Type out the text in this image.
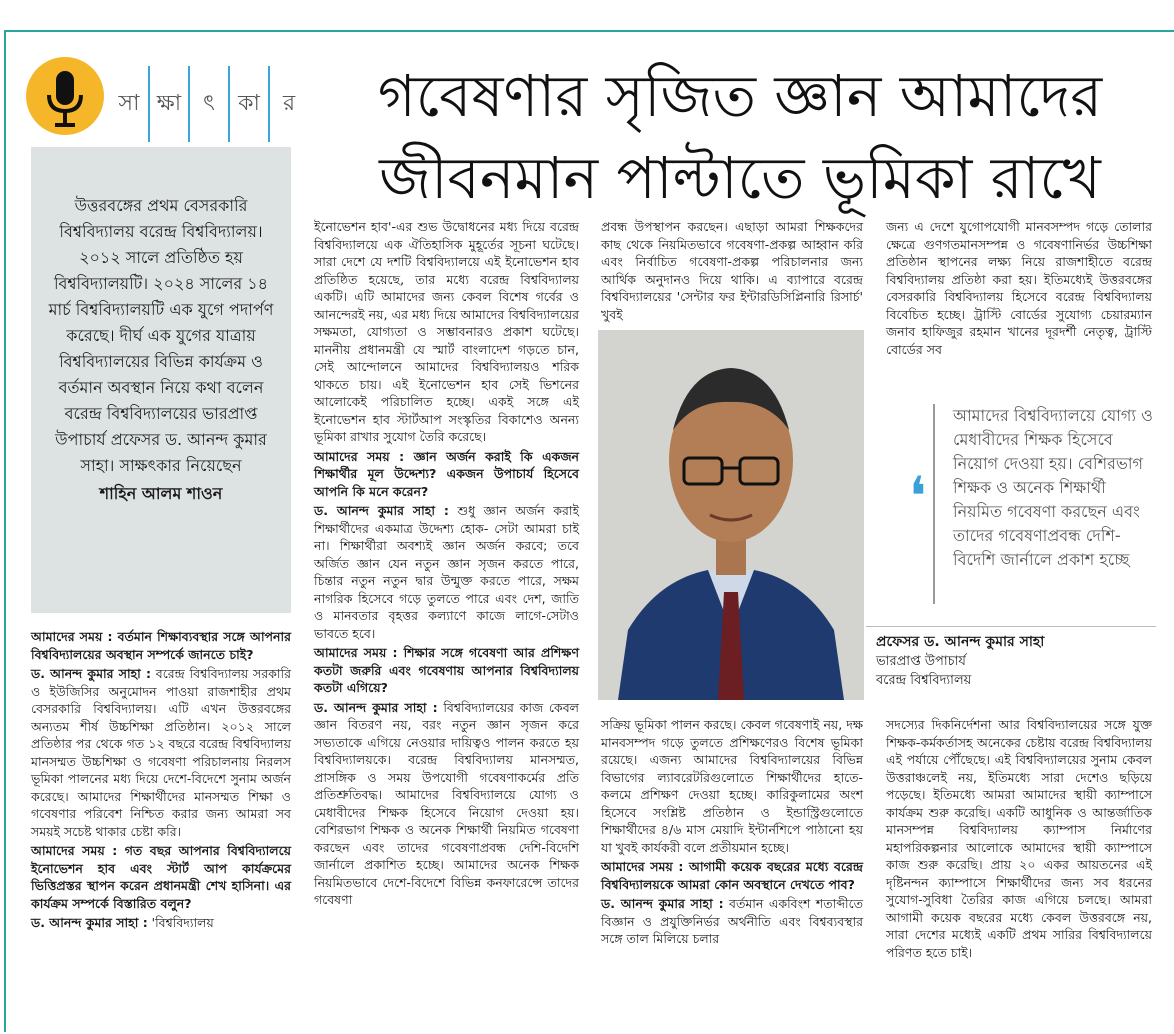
সা ক্ষা	ৎ	কা	র	গবেষণার সৃজিত জ্ঞান আমাদের
জীবনমান পাল্টাতে ভূমিকা রাখে
উত্তরবঙ্গের প্রথম বেসরকারি বিশ্ববিদ্যালয় বরেন্দ্র বিশ্ববিদ্যালয়। ২০১২ সালে প্রতিষ্ঠিত হয় বিশ্ববিদ্যালয়টি। ২০২৪ সালের ১৪ মার্চ বিশ্ববিদ্যালয়টি এক যুগে পদার্পণ করেছে। দীর্ঘ এক যুগের যাত্রায় বিশ্ববিদ্যালয়ের বিভিন্ন কার্যক্রম ও বর্তমান অবস্থান নিয়ে কথা বলেন বরেন্দ্র বিশ্ববিদ্যালয়ের ভারপ্রাপ্ত উপাচার্য প্রফেসর ড. আনন্দ কুমার সাহা। সাক্ষৎকার নিয়েছেন
শাহিন আলম শাওন

আমাদের সময় : বর্তমান শিক্ষাব্যবস্থার সঙ্গে আপনার বিশ্ববিদ্যালয়ের অবস্থান সম্পর্কে জানতে চাই?

ড. আনন্দ কুমার সাহা : বরেন্দ্র বিশ্ববিদ্যালয় সরকারি ও ইউজিসির অনুমোদন পাওয়া রাজশাহীর প্রথম বেসরকারি বিশ্ববিদ্যালয়। এটি এখন উত্তরবঙ্গের অন্যতম শীর্ষ উচ্চশিক্ষা প্রতিষ্ঠান। ২০১২ সালে প্রতিষ্ঠার পর থেকে গত ১২ বছরে বরেন্দ্র বিশ্ববিদ্যালয় মানসম্মত উচ্চশিক্ষা ও গবেষণা পরিচালনায় নিরলস ভূমিকা পালনের মধ্য দিয়ে দেশে-বিদেশে সুনাম অর্জন করেছে। আমাদের শিক্ষার্থীদের মানসম্মত শিক্ষা ও গবেষণার পরিবেশ নিশ্চিত করার জন্য আমরা সব সময়ই সচেষ্ট থাকার চেষ্টা করি।

আমাদের সময় : গত বছর আপনার বিশ্ববিদ্যালয়ে ইনোভেশন হাব এবং স্টার্ট আপ কার্যক্রমের ভিত্তিপ্রস্তর স্থাপন করেন প্রধানমন্ত্রী শেখ হাসিনা। এর কার্যক্রম সম্পর্কে বিস্তারিত বলুন?

ড. আনন্দ কুমার সাহা : 'বিশ্ববিদ্যালয়

ইনোভেশন হাব'-এর শুভ উদ্বোধনের মধ্য দিয়ে বরেন্দ্র বিশ্ববিদ্যালয়ে এক ঐতিহাসিক মুহূর্তের সূচনা ঘটেছে। সারা দেশে যে দশটি বিশ্ববিদ্যালয়ে এই ইনোভেশন হাব প্রতিষ্ঠিত হয়েছে, তার মধ্যে বরেন্দ্র বিশ্ববিদ্যালয় একটি। এটি আমাদের জন্য কেবল বিশেষ গর্বের ও আনন্দেরই নয়, এর মধ্য দিয়ে আমাদের বিশ্ববিদ্যালয়ের সক্ষমতা, যোগ্যতা ও সম্ভাবনারও প্রকাশ ঘটেছে। মাননীয় প্রধানমন্ত্রী যে স্মার্ট বাংলাদেশ গড়তে চান, সেই আন্দোলনে আমাদের বিশ্ববিদ্যালয়ও শরিক থাকতে চায়। এই ইনোভেশন হাব সেই ভিশনের আলোকেই পরিচালিত হচ্ছে। একই সঙ্গে এই ইনোভেশন হাব স্টার্টআপ সংস্কৃতির বিকাশেও অনন্য ভূমিকা রাখার সুযোগ তৈরি করেছে।

আমাদের সময় : জ্ঞান অর্জন করাই কি একজন শিক্ষার্থীর মূল উদ্দেশ্য? একজন উপাচার্য হিসেবে আপনি কি মনে করেন?

ড. আনন্দ কুমার সাহা : শুধু জ্ঞান অর্জন করাই শিক্ষার্থীদের একমাত্র উদ্দেশ্য হোক- সেটা আমরা চাই না। শিক্ষার্থীরা অবশ্যই জ্ঞান অর্জন করবে; তবে অর্জিত জ্ঞান যেন নতুন জ্ঞান সৃজন করতে পারে, চিন্তার নতুন নতুন দ্বার উন্মুক্ত করতে পারে, সক্ষম নাগরিক হিসেবে গড়ে তুলতে পারে এবং দেশ, জাতি ও মানবতার বৃহত্তর কল্যাণে কাজে লাগে-সেটাও ভাবতে হবে।

আমাদের সময় : শিক্ষার সঙ্গে গবেষণা আর প্রশিক্ষণ কতটা জরুরি এবং গবেষণায় আপনার বিশ্ববিদ্যালয় কতটা এগিয়ে?

ড. আনন্দ কুমার সাহা : বিশ্ববিদ্যালয়ের কাজ কেবল জ্ঞান বিতরণ নয়, বরং নতুন জ্ঞান সৃজন করে সভ্যতাকে এগিয়ে নেওয়ার দায়িত্বও পালন করতে হয় বিশ্ববিদ্যালয়কে। বরেন্দ্র বিশ্ববিদ্যালয় মানসম্মত, প্রাসঙ্গিক ও সময় উপযোগী গবেষণাকর্মের প্রতি প্রতিশ্রুতিবদ্ধ। আমাদের বিশ্ববিদ্যালয়ে যোগ্য ও মেধাবীদের শিক্ষক হিসেবে নিয়োগ দেওয়া হয়। বেশিরভাগ শিক্ষক ও অনেক শিক্ষার্থী নিয়মিত গবেষণা করছেন এবং তাদের গবেষণাপ্রবন্ধ দেশি-বিদেশি জার্নালে প্রকাশিত হচ্ছে। আমাদের অনেক শিক্ষক নিয়মিতভাবে দেশে-বিদেশে বিভিন্ন কনফারেন্সে তাদের গবেষণা

প্রবন্ধ উপস্থাপন করছেন। এছাড়া আমরা শিক্ষকদের কাছ থেকে নিয়মিতভাবে গবেষণা-প্রকল্প আহ্বান করি এবং নির্বাচিত গবেষণা-প্রকল্প পরিচালনার জন্য আর্থিক অনুদানও দিয়ে থাকি। এ ব্যাপারে বরেন্দ্র বিশ্ববিদ্যালয়ের 'সেন্টার ফর ইন্টারডিসিপ্লিনারি রিসার্চ' খুবই

সক্রিয় ভূমিকা পালন করছে। কেবল গবেষণাই নয়, দক্ষ মানবসম্পদ গড়ে তুলতে প্রশিক্ষণেরও বিশেষ ভূমিকা রয়েছে। এজন্য আমাদের বিশ্ববিদ্যালয়ের বিভিন্ন বিভাগের ল্যাবরেটরিগুলোতে শিক্ষার্থীদের হাতে-কলমে প্রশিক্ষণ দেওয়া হচ্ছে। কারিকুলামের অংশ হিসেবে সংশ্লিষ্ট প্রতিষ্ঠান ও ইন্ডাস্ট্রিগুলোতে শিক্ষার্থীদের ৪/৬ মাস মেয়াদি ইন্টার্নশিপে পাঠানো হয় যা খুবই কার্যকরী বলে প্রতীয়মান হচ্ছে।

আমাদের সময় : আগামী কয়েক বছরের মধ্যে বরেন্দ্র বিশ্ববিদ্যালয়কে আমরা কোন অবস্থানে দেখতে পাব?

ড. আনন্দ কুমার সাহা : বর্তমান একবিংশ শতাব্দীতে বিজ্ঞান ও প্রযুক্তিনির্ভর অর্থনীতি এবং বিশ্বব্যবস্থার সঙ্গে তাল মিলিয়ে চলার

জন্য এ দেশে যুগোপযোগী মানবসম্পদ গড়ে তোলার ক্ষেত্রে গুণগতমানসম্পন্ন ও গবেষণানির্ভর উচ্চশিক্ষা প্রতিষ্ঠান স্থাপনের লক্ষ্য নিয়ে রাজশাহীতে বরেন্দ্র বিশ্ববিদ্যালয় প্রতিষ্ঠা করা হয়। ইতিমধ্যেই উত্তরবঙ্গের বেসরকারি বিশ্ববিদ্যালয় হিসেবে বরেন্দ্র বিশ্ববিদ্যালয় বিবেচিত হচ্ছে। ট্রাস্টি বোর্ডের সুযোগ্য চেয়ারম্যান জনাব হাফিজুর রহমান খানের দূরদর্শী নেতৃত্ব, ট্রাস্টি বোর্ডের সব

❛
আমাদের বিশ্ববিদ্যালয়ে যোগ্য ও মেধাবীদের শিক্ষক হিসেবে নিয়োগ দেওয়া হয়। বেশিরভাগ শিক্ষক ও অনেক শিক্ষার্থী নিয়মিত গবেষণা করছেন এবং তাদের গবেষণাপ্রবন্ধ দেশি-বিদেশি জার্নালে প্রকাশ হচ্ছে
প্রফেসর ড. আনন্দ কুমার সাহা
ভারপ্রাপ্ত উপাচার্য
বরেন্দ্র বিশ্ববিদ্যালয়

সদস্যের দিকনির্দেশনা আর বিশ্ববিদ্যালয়ের সঙ্গে যুক্ত শিক্ষক-কর্মকর্তাসহ অনেকের চেষ্টায় বরেন্দ্র বিশ্ববিদ্যালয় এই পর্যায়ে পৌঁছেছে। এই বিশ্ববিদ্যালয়ের সুনাম কেবল উত্তরাঞ্চলেই নয়, ইতিমধ্যে সারা দেশেও ছড়িয়ে পড়েছে। ইতিমধ্যে আমরা আমাদের স্থায়ী ক্যাম্পাসে কার্যক্রম শুরু করেছি। একটি আধুনিক ও আন্তর্জাতিক মানসম্পন্ন বিশ্ববিদ্যালয় ক্যাম্পাস নির্মাণের মহাপরিকল্পনার আলোকে আমাদের স্থায়ী ক্যাম্পাসে কাজ শুরু করেছি। প্রায় ২০ একর আয়তনের এই দৃষ্টিনন্দন ক্যাম্পাসে শিক্ষার্থীদের জন্য সব ধরনের সুযোগ-সুবিধা তৈরির কাজ এগিয়ে চলছে। আমরা আগামী কয়েক বছরের মধ্যে কেবল উত্তরবঙ্গে নয়, সারা দেশের মধ্যেই একটি প্রথম সারির বিশ্ববিদ্যালয়ে পরিণত হতে চাই।
